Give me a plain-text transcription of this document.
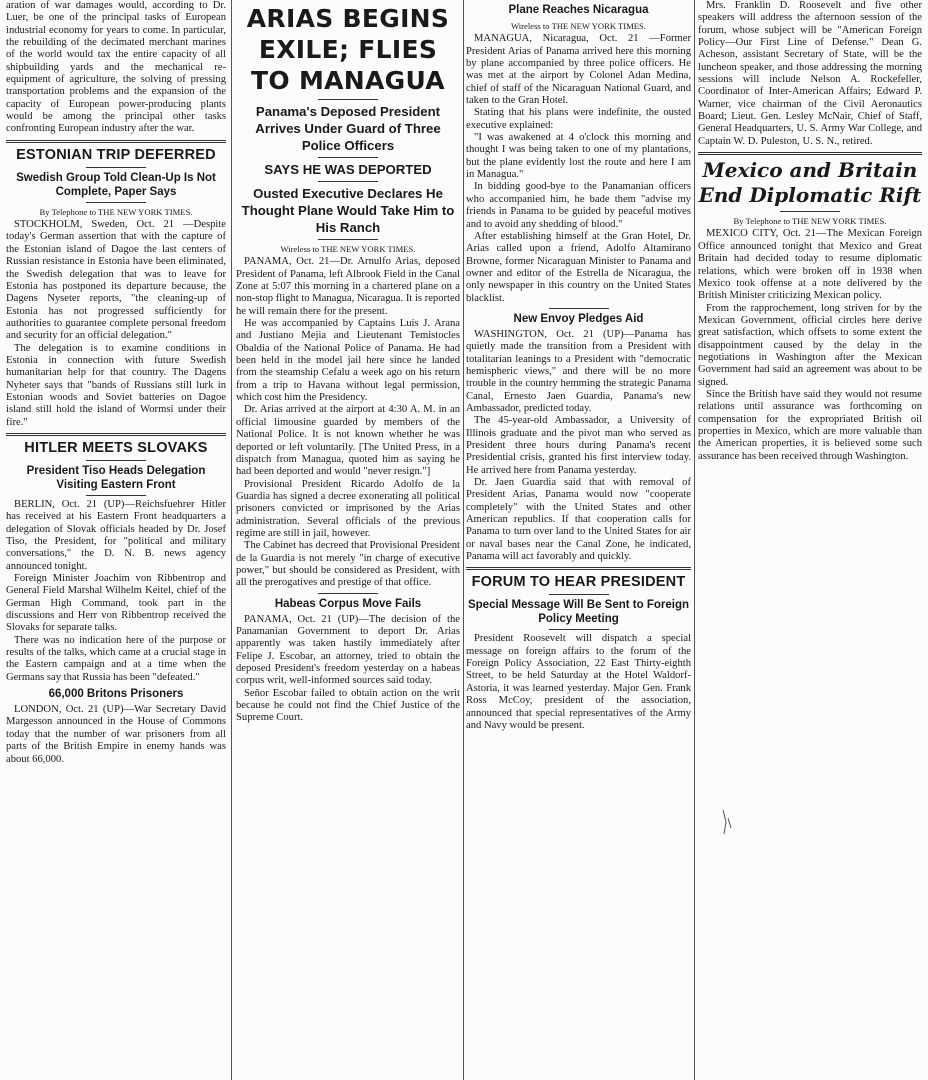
aration of war damages would, according to Dr. Luer, be one of the principal tasks of European industrial economy for years to come. In particular, the rebuilding of the decimated merchant marines of the world would tax the entire capacity of all shipbuilding yards and the mechanical re-equipment of agriculture, the solving of pressing transportation problems and the expansion of the capacity of European power-producing plants would be among the principal other tasks confronting European industry after the war.

ESTONIAN TRIP DEFERRED
Swedish Group Told Clean-Up Is Not Complete, Paper Says
By Telephone to THE NEW YORK TIMES.

STOCKHOLM, Sweden, Oct. 21 —Despite today's German assertion that with the capture of the Estonian island of Dagoe the last centers of Russian resistance in Estonia have been eliminated, the Swedish delegation that was to leave for Estonia has postponed its departure because, the Dagens Nyseter reports, "the cleaning-up of Estonia has not progressed sufficiently for authorities to guarantee complete personal freedom and security for an official delegation."

The delegation is to examine conditions in Estonia in connection with future Swedish humanitarian help for that country. The Dagens Nyheter says that "bands of Russians still lurk in Estonian woods and Soviet batteries on Dagoe island still hold the island of Wormsi under their fire."

HITLER MEETS SLOVAKS
President Tiso Heads Delegation Visiting Eastern Front

BERLIN, Oct. 21 (UP)—Reichsfuehrer Hitler has received at his Eastern Front headquarters a delegation of Slovak officials headed by Dr. Josef Tiso, the President, for "political and military conversations," the D. N. B. news agency announced tonight.

Foreign Minister Joachim von Ribbentrop and General Field Marshal Wilhelm Keitel, chief of the German High Command, took part in the discussions and Herr von Ribbentrop received the Slovaks for separate talks.

There was no indication here of the purpose or results of the talks, which came at a crucial stage in the Eastern campaign and at a time when the Germans say that Russia has been "defeated."

66,000 Britons Prisoners

LONDON, Oct. 21 (UP)—War Secretary David Margesson announced in the House of Commons today that the number of war prisoners from all parts of the British Empire in enemy hands was about 66,000.

ARIAS BEGINS EXILE; FLIES TO MANAGUA
Panama's Deposed President Arrives Under Guard of Three Police Officers
SAYS HE WAS DEPORTED
Ousted Executive Declares He Thought Plane Would Take Him to His Ranch
Wireless to THE NEW YORK TIMES.

PANAMA, Oct. 21—Dr. Arnulfo Arias, deposed President of Panama, left Albrook Field in the Canal Zone at 5:07 this morning in a chartered plane on a non-stop flight to Managua, Nicaragua. It is reported he will remain there for the present.

He was accompanied by Captains Luis J. Arana and Justiano Mejia and Lieutenant Temistocles Obaldia of the National Police of Panama. He had been held in the model jail here since he landed from the steamship Cefalu a week ago on his return from a trip to Havana without legal permission, which cost him the Presidency.

Dr. Arias arrived at the airport at 4:30 A. M. in an official limousine guarded by members of the National Police. It is not known whether he was deported or left voluntarily. [The United Press, in a dispatch from Managua, quoted him as saying he had been deported and would "never resign."]

Provisional President Ricardo Adolfo de la Guardia has signed a decree exonerating all political prisoners convicted or imprisoned by the Arias administration. Several officials of the previous regime are still in jail, however.

The Cabinet has decreed that Provisional President de la Guardia is not merely "in charge of executive power," but should be considered as President, with all the prerogatives and prestige of that office.

Habeas Corpus Move Fails

PANAMA, Oct. 21 (UP)—The decision of the Panamanian Government to deport Dr. Arias apparently was taken hastily immediately after Felipe J. Escobar, an attorney, tried to obtain the deposed President's freedom yesterday on a habeas corpus writ, well-informed sources said today.

Señor Escobar failed to obtain action on the writ because he could not find the Chief Justice of the Supreme Court.

Plane Reaches Nicaragua
Wireless to THE NEW YORK TIMES.

MANAGUA, Nicaragua, Oct. 21 —Former President Arias of Panama arrived here this morning by plane accompanied by three police officers. He was met at the airport by Colonel Adan Medina, chief of staff of the Nicaraguan National Guard, and taken to the Gran Hotel.

Stating that his plans were indefinite, the ousted executive explained:

"I was awakened at 4 o'clock this morning and thought I was being taken to one of my plantations, but the plane evidently lost the route and here I am in Managua."

In bidding good-bye to the Panamanian officers who accompanied him, he bade them "advise my friends in Panama to be guided by peaceful motives and to avoid any shedding of blood."

After establishing himself at the Gran Hotel, Dr. Arias called upon a friend, Adolfo Altamirano Browne, former Nicaraguan Minister to Panama and owner and editor of the Estrella de Nicaragua, the only newspaper in this country on the United States blacklist.

New Envoy Pledges Aid

WASHINGTON, Oct. 21 (UP)—Panama has quietly made the transition from a President with totalitarian leanings to a President with "democratic hemispheric views," and there will be no more trouble in the country hemming the strategic Panama Canal, Ernesto Jaen Guardia, Panama's new Ambassador, predicted today.

The 45-year-old Ambassador, a University of Illinois graduate and the pivot man who served as President three hours during Panama's recent Presidential crisis, granted his first interview today. He arrived here from Panama yesterday.

Dr. Jaen Guardia said that with removal of President Arias, Panama would now "cooperate completely" with the United States and other American republics. If that cooperation calls for Panama to turn over land to the United States for air or naval bases near the Canal Zone, he indicated, Panama will act favorably and quickly.

FORUM TO HEAR PRESIDENT
Special Message Will Be Sent to Foreign Policy Meeting

President Roosevelt will dispatch a special message on foreign affairs to the forum of the Foreign Policy Association, 22 East Thirty-eighth Street, to be held Saturday at the Hotel Waldorf-Astoria, it was learned yesterday. Major Gen. Frank Ross McCoy, president of the association, announced that special representatives of the Army and Navy would be present.

Mrs. Franklin D. Roosevelt and five other speakers will address the afternoon session of the forum, whose subject will be "American Foreign Policy—Our First Line of Defense." Dean G. Acheson, assistant Secretary of State, will be the luncheon speaker, and those addressing the morning sessions will include Nelson A. Rockefeller, Coordinator of Inter-American Affairs; Edward P. Warner, vice chairman of the Civil Aeronautics Board; Lieut. Gen. Lesley McNair, Chief of Staff, General Headquarters, U. S. Army War College, and Captain W. D. Puleston, U. S. N., retired.

Mexico and Britain End Diplomatic Rift
By Telephone to THE NEW YORK TIMES.

MEXICO CITY, Oct. 21—The Mexican Foreign Office announced tonight that Mexico and Great Britain had decided today to resume diplomatic relations, which were broken off in 1938 when Mexico took offense at a note delivered by the British Minister criticizing Mexican policy.

From the rapprochement, long striven for by the Mexican Government, official circles here derive great satisfaction, which offsets to some extent the disappointment caused by the delay in the negotiations in Washington after the Mexican Government had said an agreement was about to be signed.

Since the British have said they would not resume relations until assurance was forthcoming on compensation for the expropriated British oil properties in Mexico, which are more valuable than the American properties, it is believed some such assurance has been received through Washington.
